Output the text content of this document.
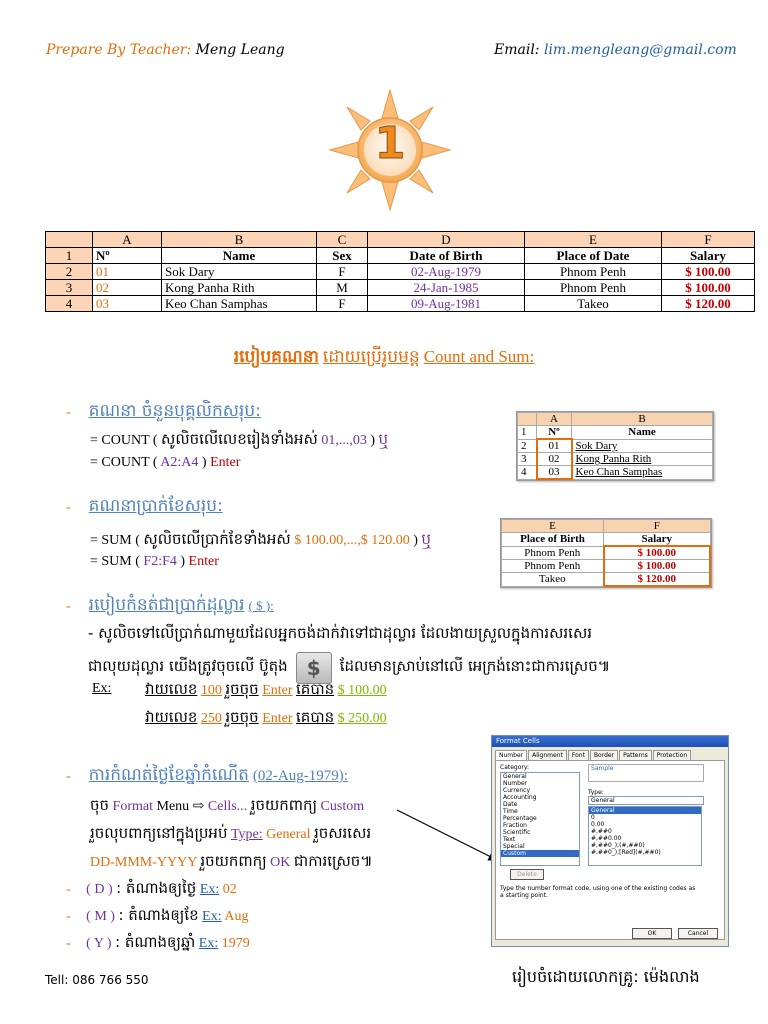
Prepare By Teacher: Meng Leang	Email: lim.mengleang@gmail.com
1
	A	B	C	D	E	F
1	Nº	Name	Sex	Date of Birth	Place of Date	Salary
2	01	Sok Dary	F	02-Aug-1979	Phnom Penh	$ 100.00
3	02	Kong Panha Rith	M	24-Jan-1985	Phnom Penh	$ 100.00
4	03	Keo Chan Samphas	F	09-Aug-1981	Takeo	$ 120.00
របៀបគណនា ដោយប្រើរូបមន្ត Count and Sum:
- គណនា ចំនួនបុគ្គលិកសរុប:
= COUNT ( សូលិចលើលេខរៀងទាំងអស់ 01,...,03 ) ឬ
= COUNT ( A2:A4 ) Enter
	A	B
1	Nº	Name
2	01	Sok Dary
3	02	Kong Panha Rith
4	03	Keo Chan Samphas
- គណនាប្រាក់ខែសរុប:
= SUM ( សូលិចលើប្រាក់ខែទាំងអស់ $ 100.00,...,$ 120.00 ) ឬ
= SUM ( F2:F4 ) Enter
E	F
Place of Birth	Salary
Phnom Penh	$ 100.00
Phnom Penh	$ 100.00
Takeo	$ 120.00
- របៀបកំនត់ជាប្រាក់ដុល្លារ ( $ ):
- សូលិចទៅលើប្រាក់ណាមួយដែលអ្នកចង់ដាក់វាទៅជាដុល្លារ ដែលងាយស្រួលក្នុងការសរសេរ
ជាលុយដុល្លារ យើងត្រូវចុចលើ ប៊ូតុង $	ដែលមានស្រាប់នៅលើ អេក្រង់នោះជាការស្រេច៕
Ex: វាយលេខ 100 រួចចុច Enter គេបាន $ 100.00
វាយលេខ 250 រួចចុច Enter គេបាន $ 250.00
- ការកំណត់ថ្ងៃខែឆ្នាំកំណើត (02-Aug-1979):
ចុច Format Menu ⇨ Cells... រួចយកពាក្យ Custom
រួចលុបពាក្យនៅក្នុងប្រអប់ Type: General រួចសរសេរ
DD-MMM-YYYY រួចយកពាក្យ OK ជាការស្រេច៕
- ( D ) : តំណាងឲ្យថ្ងៃ Ex: 02
- ( M ) : តំណាងឲ្យខែ Ex: Aug
- ( Y ) : តំណាងឲ្យឆ្នាំ Ex: 1979
Format Cells
Number	Alignment	Font	Border	Patterns	Protection
Category:
General
Number
Currency
Accounting
Date
Time
Percentage
Fraction
Scientific
Text
Special
Custom
Sample
Type:
General
General
0
0.00
#,##0
#,##0.00
#,##0_);(#,##0)
#,##0_);[Red](#,##0)
Delete
Type the number format code, using one of the existing codes as a starting point.
OK	Cancel
Tell: 086 766 550	រៀបចំដោយលោកគ្រូ: ម៉េងលាង
